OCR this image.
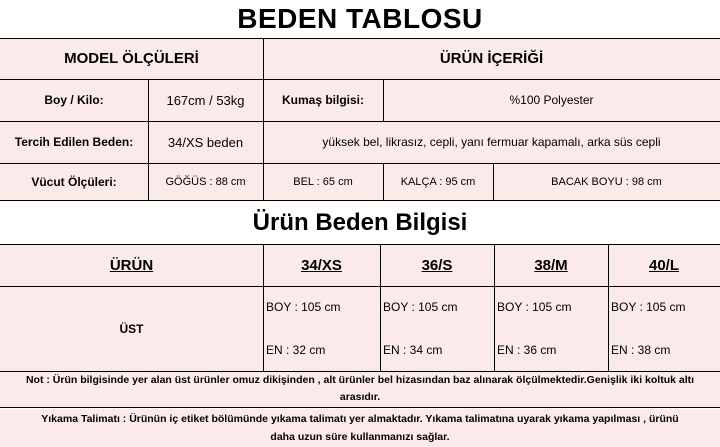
BEDEN TABLOSU
MODEL ÖLÇÜLERİ	ÜRÜN İÇERİĞİ
Boy / Kilo:	167cm / 53kg	Kumaş bilgisi:	%100 Polyester
Tercih Edilen Beden:	34/XS beden	yüksek bel, likrasız, cepli, yanı fermuar kapamalı, arka süs cepli
Vücut Ölçüleri:	GÖĞÜS : 88 cm	BEL : 65 cm	KALÇA : 95 cm	BACAK BOYU : 98 cm
Ürün Beden Bilgisi
ÜRÜN	34/XS	36/S	38/M	40/L
ÜST
BOY : 105 cm	BOY : 105 cm	BOY : 105 cm	BOY : 105 cm
EN : 32 cm	EN : 34 cm	EN : 36 cm	EN : 38 cm
Not : Ürün bilgisinde yer alan üst ürünler omuz dikişinden , alt ürünler bel hizasından baz alınarak ölçülmektedir.Genişlik iki koltuk altı
arasıdır.
Yıkama Talimatı : Ürünün iç etiket bölümünde yıkama talimatı yer almaktadır. Yıkama talimatına uyarak yıkama yapılması , ürünü
daha uzun süre kullanmanızı sağlar.
